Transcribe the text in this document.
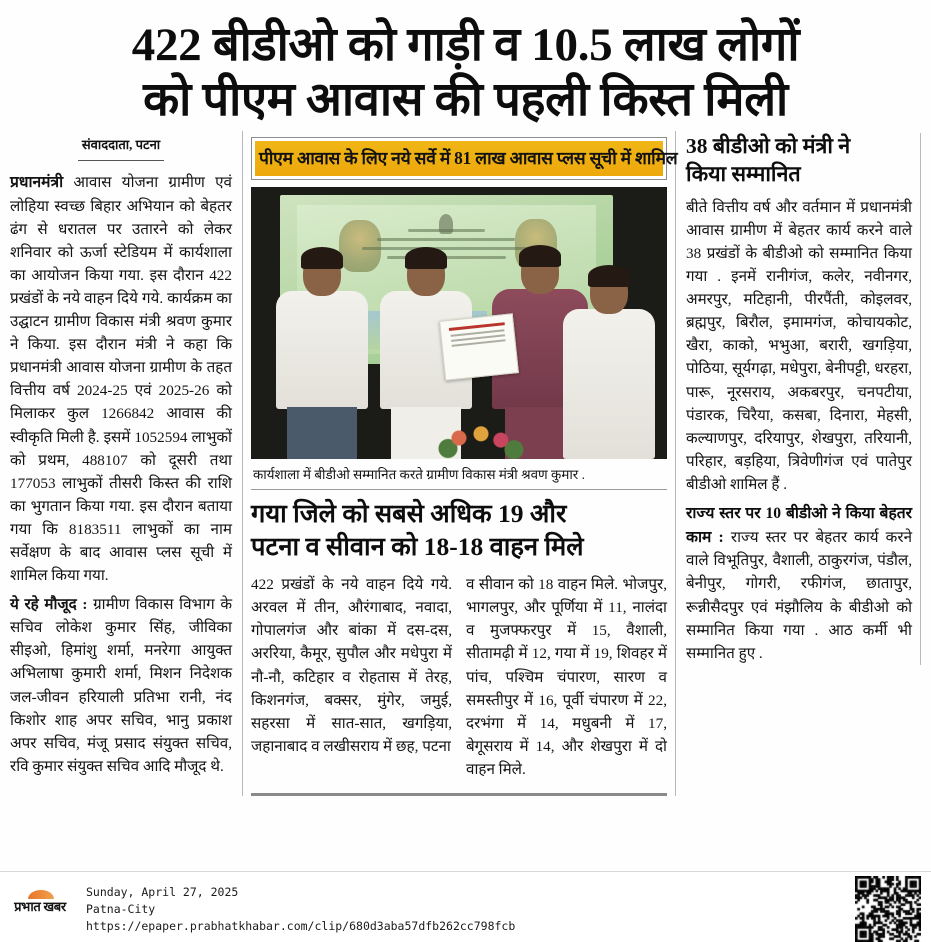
422 बीडीओ को गाड़ी व 10.5 लाख लोगों
को पीएम आवास की पहली किस्त मिली
संवाददाता, पटना

प्रधानमंत्री आवास योजना ग्रामीण एवं लोहिया स्वच्छ बिहार अभियान को बेहतर ढंग से धरातल पर उतारने को लेकर शनिवार को ऊर्जा स्टेडियम में कार्यशाला का आयोजन किया गया. इस दौरान 422 प्रखंडों के नये वाहन दिये गये. कार्यक्रम का उद्घाटन ग्रामीण विकास मंत्री श्रवण कुमार ने किया. इस दौरान मंत्री ने कहा कि प्रधानमंत्री आवास योजना ग्रामीण के तहत वित्तीय वर्ष 2024-25 एवं 2025-26 को मिलाकर कुल 1266842 आवास की स्वीकृति मिली है. इसमें 1052594 लाभुकों को प्रथम, 488107 को दूसरी तथा 177053 लाभुकों तीसरी किस्त की राशि का भुगतान किया गया. इस दौरान बताया गया कि 8183511 लाभुकों का नाम सर्वेक्षण के बाद आवास प्लस सूची में शामिल किया गया.

ये रहे मौजूद : ग्रामीण विकास विभाग के सचिव लोकेश कुमार सिंह, जीविका सीइओ, हिमांशु शर्मा, मनरेगा आयुक्त अभिलाषा कुमारी शर्मा, मिशन निदेशक जल-जीवन हरियाली प्रतिभा रानी, नंद किशोर शाह अपर सचिव, भानु प्रकाश अपर सचिव, मंजू प्रसाद संयुक्त सचिव, रवि कुमार संयुक्त सचिव आदि मौजूद थे.

पीएम आवास के लिए नये सर्वे में 81 लाख आवास प्लस सूची में शामिल
कार्यशाला में बीडीओ सम्मानित करते ग्रामीण विकास मंत्री श्रवण कुमार .
गया जिले को सबसे अधिक 19 और
पटना व सीवान को 18-18 वाहन मिले

422 प्रखंडों के नये वाहन दिये गये. अरवल में तीन, औरंगाबाद, नवादा, गोपालगंज और बांका में दस-दस, अररिया, कैमूर, सुपौल और मधेपुरा में नौ-नौ, कटिहार व रोहतास में तेरह, किशनगंज, बक्सर, मुंगेर, जमुई, सहरसा में सात-सात, खगड़िया, जहानाबाद व लखीसराय में छह, पटना

व सीवान को 18 वाहन मिले. भोजपुर, भागलपुर, और पूर्णिया में 11, नालंदा व मुजफ्फरपुर में 15, वैशाली, सीतामढ़ी में 12, गया में 19, शिवहर में पांच, पश्चिम चंपारण, सारण व समस्तीपुर में 16, पूर्वी चंपारण में 22, दरभंगा में 14, मधुबनी में 17, बेगूसराय में 14, और शेखपुरा में दो वाहन मिले.

38 बीडीओ को मंत्री ने
किया सम्मानित

बीते वित्तीय वर्ष और वर्तमान में प्रधानमंत्री आवास ग्रामीण में बेहतर कार्य करने वाले 38 प्रखंडों के बीडीओ को सम्मानित किया गया . इनमें रानीगंज, कलेर, नवीनगर, अमरपुर, मटिहानी, पीरपैंती, कोइलवर, ब्रह्मपुर, बिरौल, इमामगंज, कोचायकोट, खैरा, काको, भभुआ, बरारी, खगड़िया, पोठिया, सूर्यगढ़ा, मधेपुरा, बेनीपट्टी, धरहरा, पारू, नूरसराय, अकबरपुर, चनपटीया, पंडारक, चिरैया, कसबा, दिनारा, मेहसी, कल्याणपुर, दरियापुर, शेखपुरा, तरियानी, परिहार, बड़हिया, त्रिवेणीगंज एवं पातेपुर बीडीओ शामिल हैं .

राज्य स्तर पर 10 बीडीओ ने किया बेहतर काम : राज्य स्तर पर बेहतर कार्य करने वाले विभूतिपुर, वैशाली, ठाकुरगंज, पंडौल, बेनीपुर, गोगरी, रफीगंज, छातापुर, रून्नीसैदपुर एवं मंझौलिय के बीडीओ को सम्मानित किया गया . आठ कर्मी भी सम्मानित हुए .

प्रभात खबर
Sunday, April 27, 2025
Patna-City
https://epaper.prabhatkhabar.com/clip/680d3aba57dfb262cc798fcb
